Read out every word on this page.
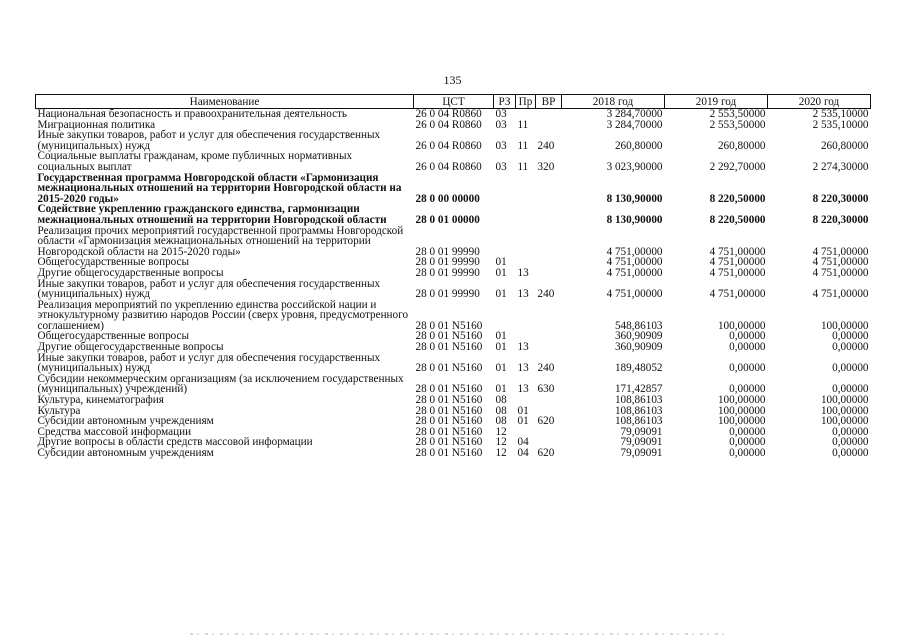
135
Наименование	ЦСТ	РЗ	Пр	ВР	2018 год	2019 год	2020 год
Национальная безопасность и правоохранительная деятельность	26 0 04 R0860	03			3 284,70000	2 553,50000	2 535,10000
Миграционная политика	26 0 04 R0860	03	11		3 284,70000	2 553,50000	2 535,10000
Иные закупки товаров, работ и услуг для обеспечения государственных (муниципальных) нужд	26 0 04 R0860	03	11	240	260,80000	260,80000	260,80000
Социальные выплаты гражданам, кроме публичных нормативных социальных выплат	26 0 04 R0860	03	11	320	3 023,90000	2 292,70000	2 274,30000
Государственная программа Новгородской области «Гармонизация межнациональных отношений на территории Новгородской области на 2015-2020 годы»	28 0 00 00000				8 130,90000	8 220,50000	8 220,30000
Содействие укреплению гражданского единства, гармонизации межнациональных отношений на территории Новгородской области	28 0 01 00000				8 130,90000	8 220,50000	8 220,30000
Реализация прочих мероприятий государственной программы Новгородской области «Гармонизация межнациональных отношений на территории Новгородской области на 2015-2020 годы»	28 0 01 99990				4 751,00000	4 751,00000	4 751,00000
Общегосударственные вопросы	28 0 01 99990	01			4 751,00000	4 751,00000	4 751,00000
Другие общегосударственные вопросы	28 0 01 99990	01	13		4 751,00000	4 751,00000	4 751,00000
Иные закупки товаров, работ и услуг для обеспечения государственных (муниципальных) нужд	28 0 01 99990	01	13	240	4 751,00000	4 751,00000	4 751,00000
Реализация мероприятий по укреплению единства российской нации и этнокультурному развитию народов России (сверх уровня, предусмотренного соглашением)	28 0 01 N5160				548,86103	100,00000	100,00000
Общегосударственные вопросы	28 0 01 N5160	01			360,90909	0,00000	0,00000
Другие общегосударственные вопросы	28 0 01 N5160	01	13		360,90909	0,00000	0,00000
Иные закупки товаров, работ и услуг для обеспечения государственных (муниципальных) нужд	28 0 01 N5160	01	13	240	189,48052	0,00000	0,00000
Субсидии некоммерческим организациям (за исключением государственных (муниципальных) учреждений)	28 0 01 N5160	01	13	630	171,42857	0,00000	0,00000
Культура, кинематография	28 0 01 N5160	08			108,86103	100,00000	100,00000
Культура	28 0 01 N5160	08	01		108,86103	100,00000	100,00000
Субсидии автономным учреждениям	28 0 01 N5160	08	01	620	108,86103	100,00000	100,00000
Средства массовой информации	28 0 01 N5160	12			79,09091	0,00000	0,00000
Другие вопросы в области средств массовой информации	28 0 01 N5160	12	04		79,09091	0,00000	0,00000
Субсидии автономным учреждениям	28 0 01 N5160	12	04	620	79,09091	0,00000	0,00000
